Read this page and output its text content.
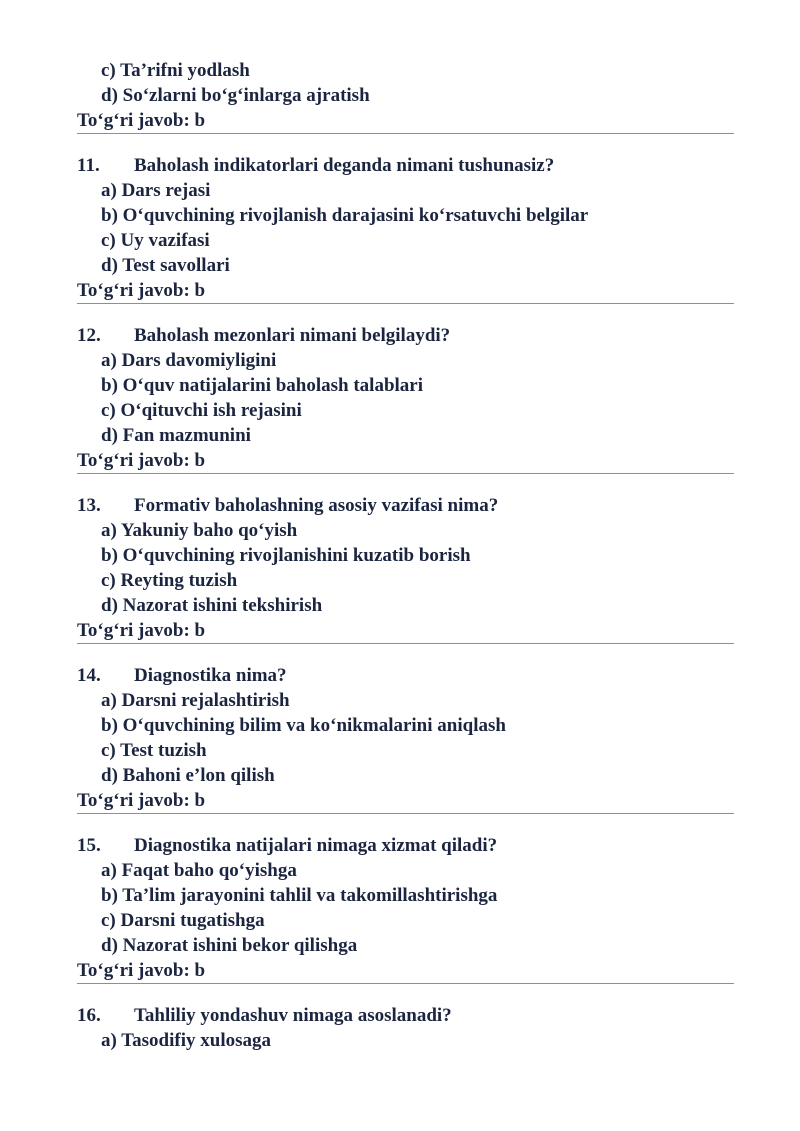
c) Ta’rifni yodlash
d) So‘zlarni bo‘g‘inlarga ajratish
To‘g‘ri javob: b
11.	Baholash indikatorlari deganda nimani tushunasiz?
a) Dars rejasi
b) O‘quvchining rivojlanish darajasini ko‘rsatuvchi belgilar
c) Uy vazifasi
d) Test savollari
To‘g‘ri javob: b
12.	Baholash mezonlari nimani belgilaydi?
a) Dars davomiyligini
b) O‘quv natijalarini baholash talablari
c) O‘qituvchi ish rejasini
d) Fan mazmunini
To‘g‘ri javob: b
13.	Formativ baholashning asosiy vazifasi nima?
a) Yakuniy baho qo‘yish
b) O‘quvchining rivojlanishini kuzatib borish
c) Reyting tuzish
d) Nazorat ishini tekshirish
To‘g‘ri javob: b
14.	Diagnostika nima?
a) Darsni rejalashtirish
b) O‘quvchining bilim va ko‘nikmalarini aniqlash
c) Test tuzish
d) Bahoni e’lon qilish
To‘g‘ri javob: b
15.	Diagnostika natijalari nimaga xizmat qiladi?
a) Faqat baho qo‘yishga
b) Ta’lim jarayonini tahlil va takomillashtirishga
c) Darsni tugatishga
d) Nazorat ishini bekor qilishga
To‘g‘ri javob: b
16.	Tahliliy yondashuv nimaga asoslanadi?
a) Tasodifiy xulosaga
